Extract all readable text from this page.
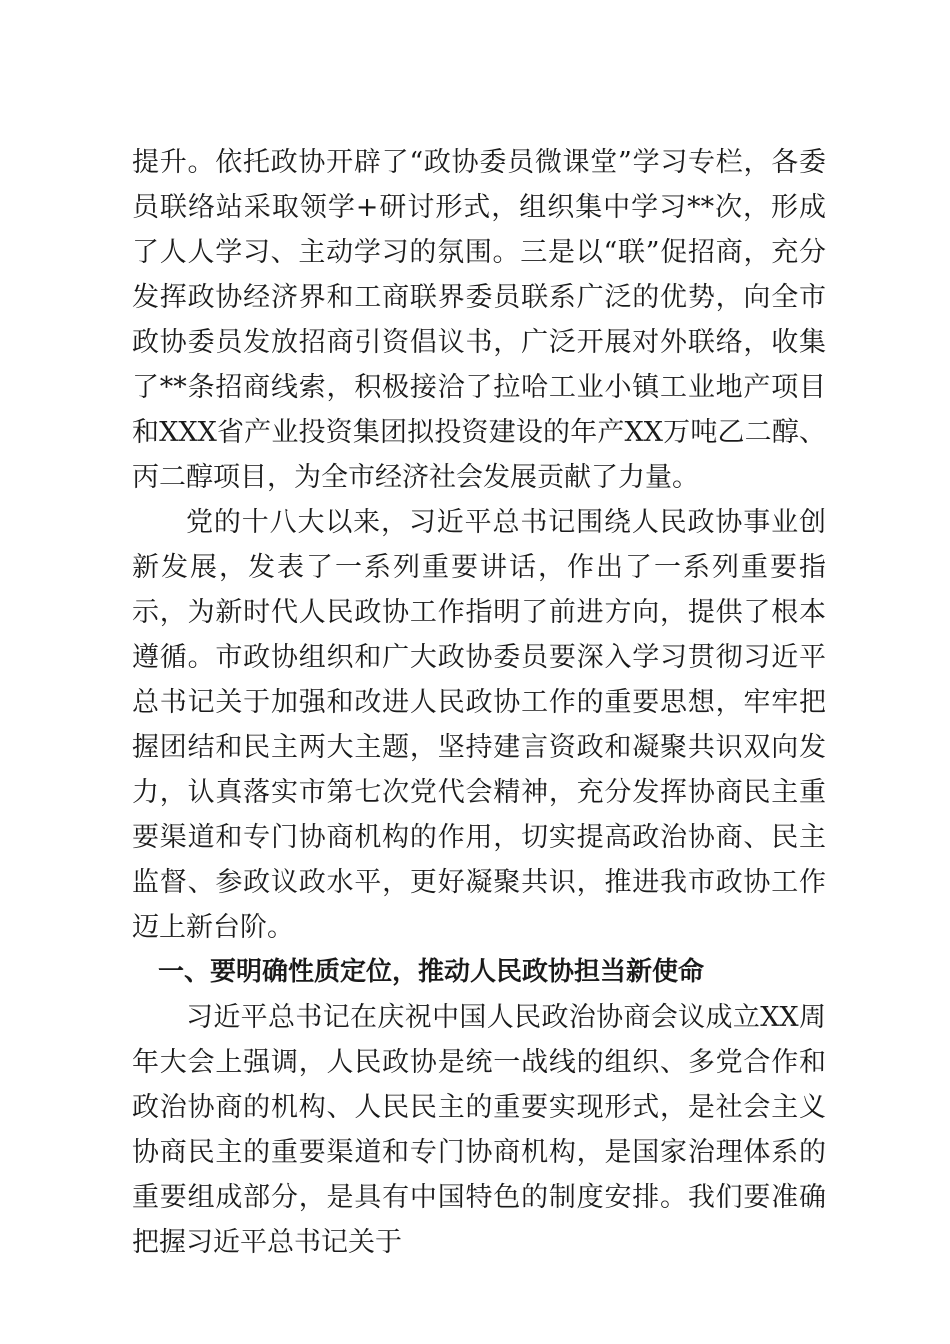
提升。依托政协开辟了“政协委员微课堂”学习专栏，各委员联络站采取领学+研讨形式，组织集中学习**次，形成了人人学习、主动学习的氛围。三是以“联”促招商，充分发挥政协经济界和工商联界委员联系广泛的优势，向全市政协委员发放招商引资倡议书，广泛开展对外联络，收集了**条招商线索，积极接洽了拉哈工业小镇工业地产项目和XXX省产业投资集团拟投资建设的年产XX万吨乙二醇、丙二醇项目，为全市经济社会发展贡献了力量。

党的十八大以来，习近平总书记围绕人民政协事业创新发展，发表了一系列重要讲话，作出了一系列重要指示，为新时代人民政协工作指明了前进方向，提供了根本遵循。市政协组织和广大政协委员要深入学习贯彻习近平总书记关于加强和改进人民政协工作的重要思想，牢牢把握团结和民主两大主题，坚持建言资政和凝聚共识双向发力，认真落实市第七次党代会精神，充分发挥协商民主重要渠道和专门协商机构的作用，切实提高政治协商、民主监督、参政议政水平，更好凝聚共识，推进我市政协工作迈上新台阶。

一、要明确性质定位，推动人民政协担当新使命

习近平总书记在庆祝中国人民政治协商会议成立XX周年大会上强调，人民政协是统一战线的组织、多党合作和政治协商的机构、人民民主的重要实现形式，是社会主义协商民主的重要渠道和专门协商机构，是国家治理体系的重要组成部分，是具有中国特色的制度安排。我们要准确把握习近平总书记关于
